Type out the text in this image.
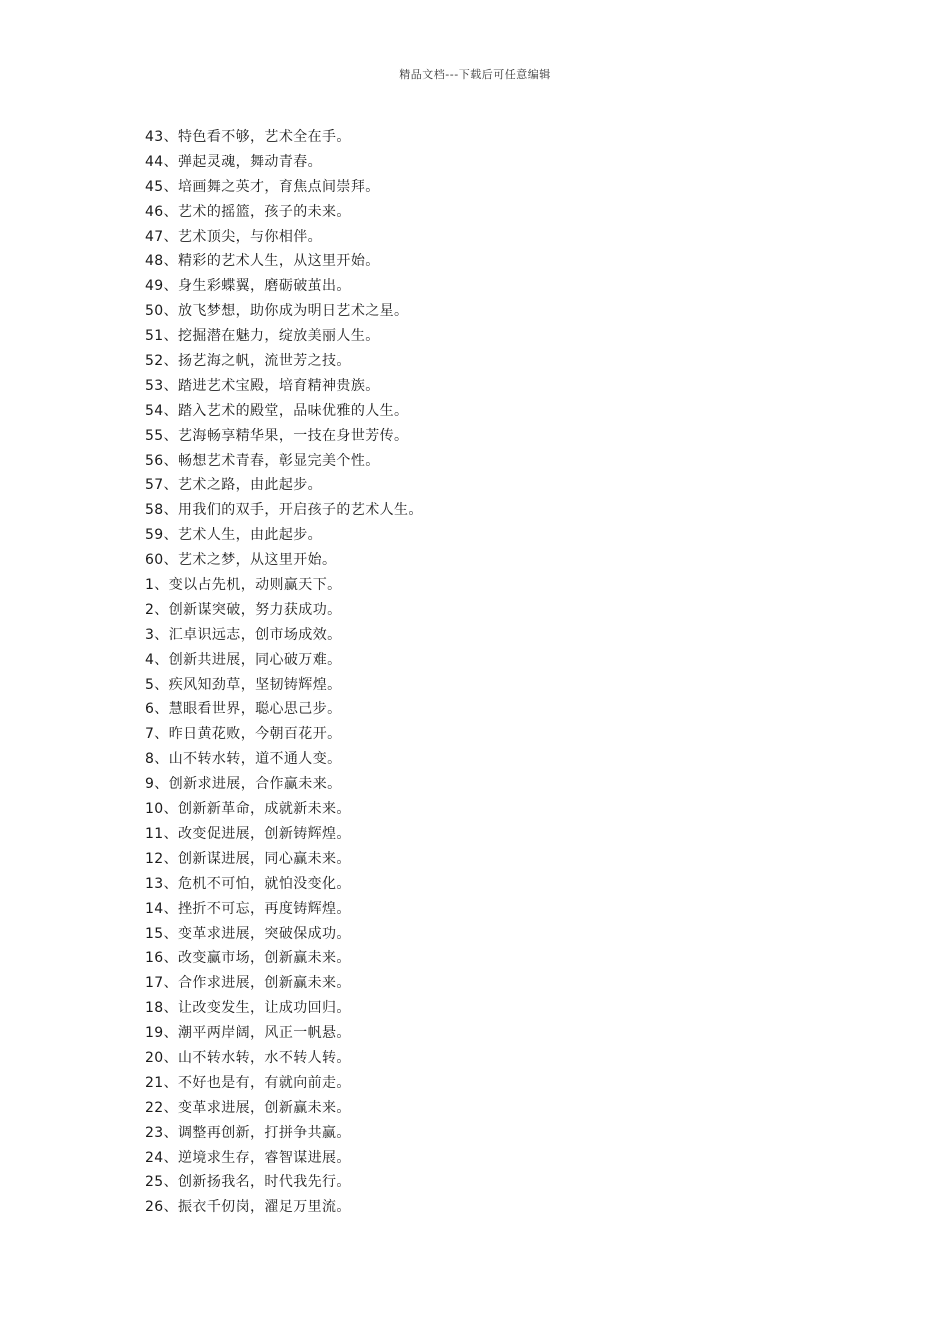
精品文档---下载后可任意编辑
43、特色看不够，艺术全在手。
44、弹起灵魂，舞动青春。
45、培画舞之英才，育焦点间崇拜。
46、艺术的摇篮，孩子的未来。
47、艺术顶尖，与你相伴。
48、精彩的艺术人生，从这里开始。
49、身生彩蝶翼，磨砺破茧出。
50、放飞梦想，助你成为明日艺术之星。
51、挖掘潜在魅力，绽放美丽人生。
52、扬艺海之帆，流世芳之技。
53、踏进艺术宝殿，培育精神贵族。
54、踏入艺术的殿堂，品味优雅的人生。
55、艺海畅享精华果，一技在身世芳传。
56、畅想艺术青春，彰显完美个性。
57、艺术之路，由此起步。
58、用我们的双手，开启孩子的艺术人生。
59、艺术人生，由此起步。
60、艺术之梦，从这里开始。
1、变以占先机，动则赢天下。
2、创新谋突破，努力获成功。
3、汇卓识远志，创市场成效。
4、创新共进展，同心破万难。
5、疾风知劲草，坚韧铸辉煌。
6、慧眼看世界，聪心思己步。
7、昨日黄花败，今朝百花开。
8、山不转水转，道不通人变。
9、创新求进展，合作赢未来。
10、创新新革命，成就新未来。
11、改变促进展，创新铸辉煌。
12、创新谋进展，同心赢未来。
13、危机不可怕，就怕没变化。
14、挫折不可忘，再度铸辉煌。
15、变革求进展，突破保成功。
16、改变赢市场，创新赢未来。
17、合作求进展，创新赢未来。
18、让改变发生，让成功回归。
19、潮平两岸阔，风正一帆悬。
20、山不转水转，水不转人转。
21、不好也是有，有就向前走。
22、变革求进展，创新赢未来。
23、调整再创新，打拼争共赢。
24、逆境求生存，睿智谋进展。
25、创新扬我名，时代我先行。
26、振衣千仞岗，濯足万里流。
